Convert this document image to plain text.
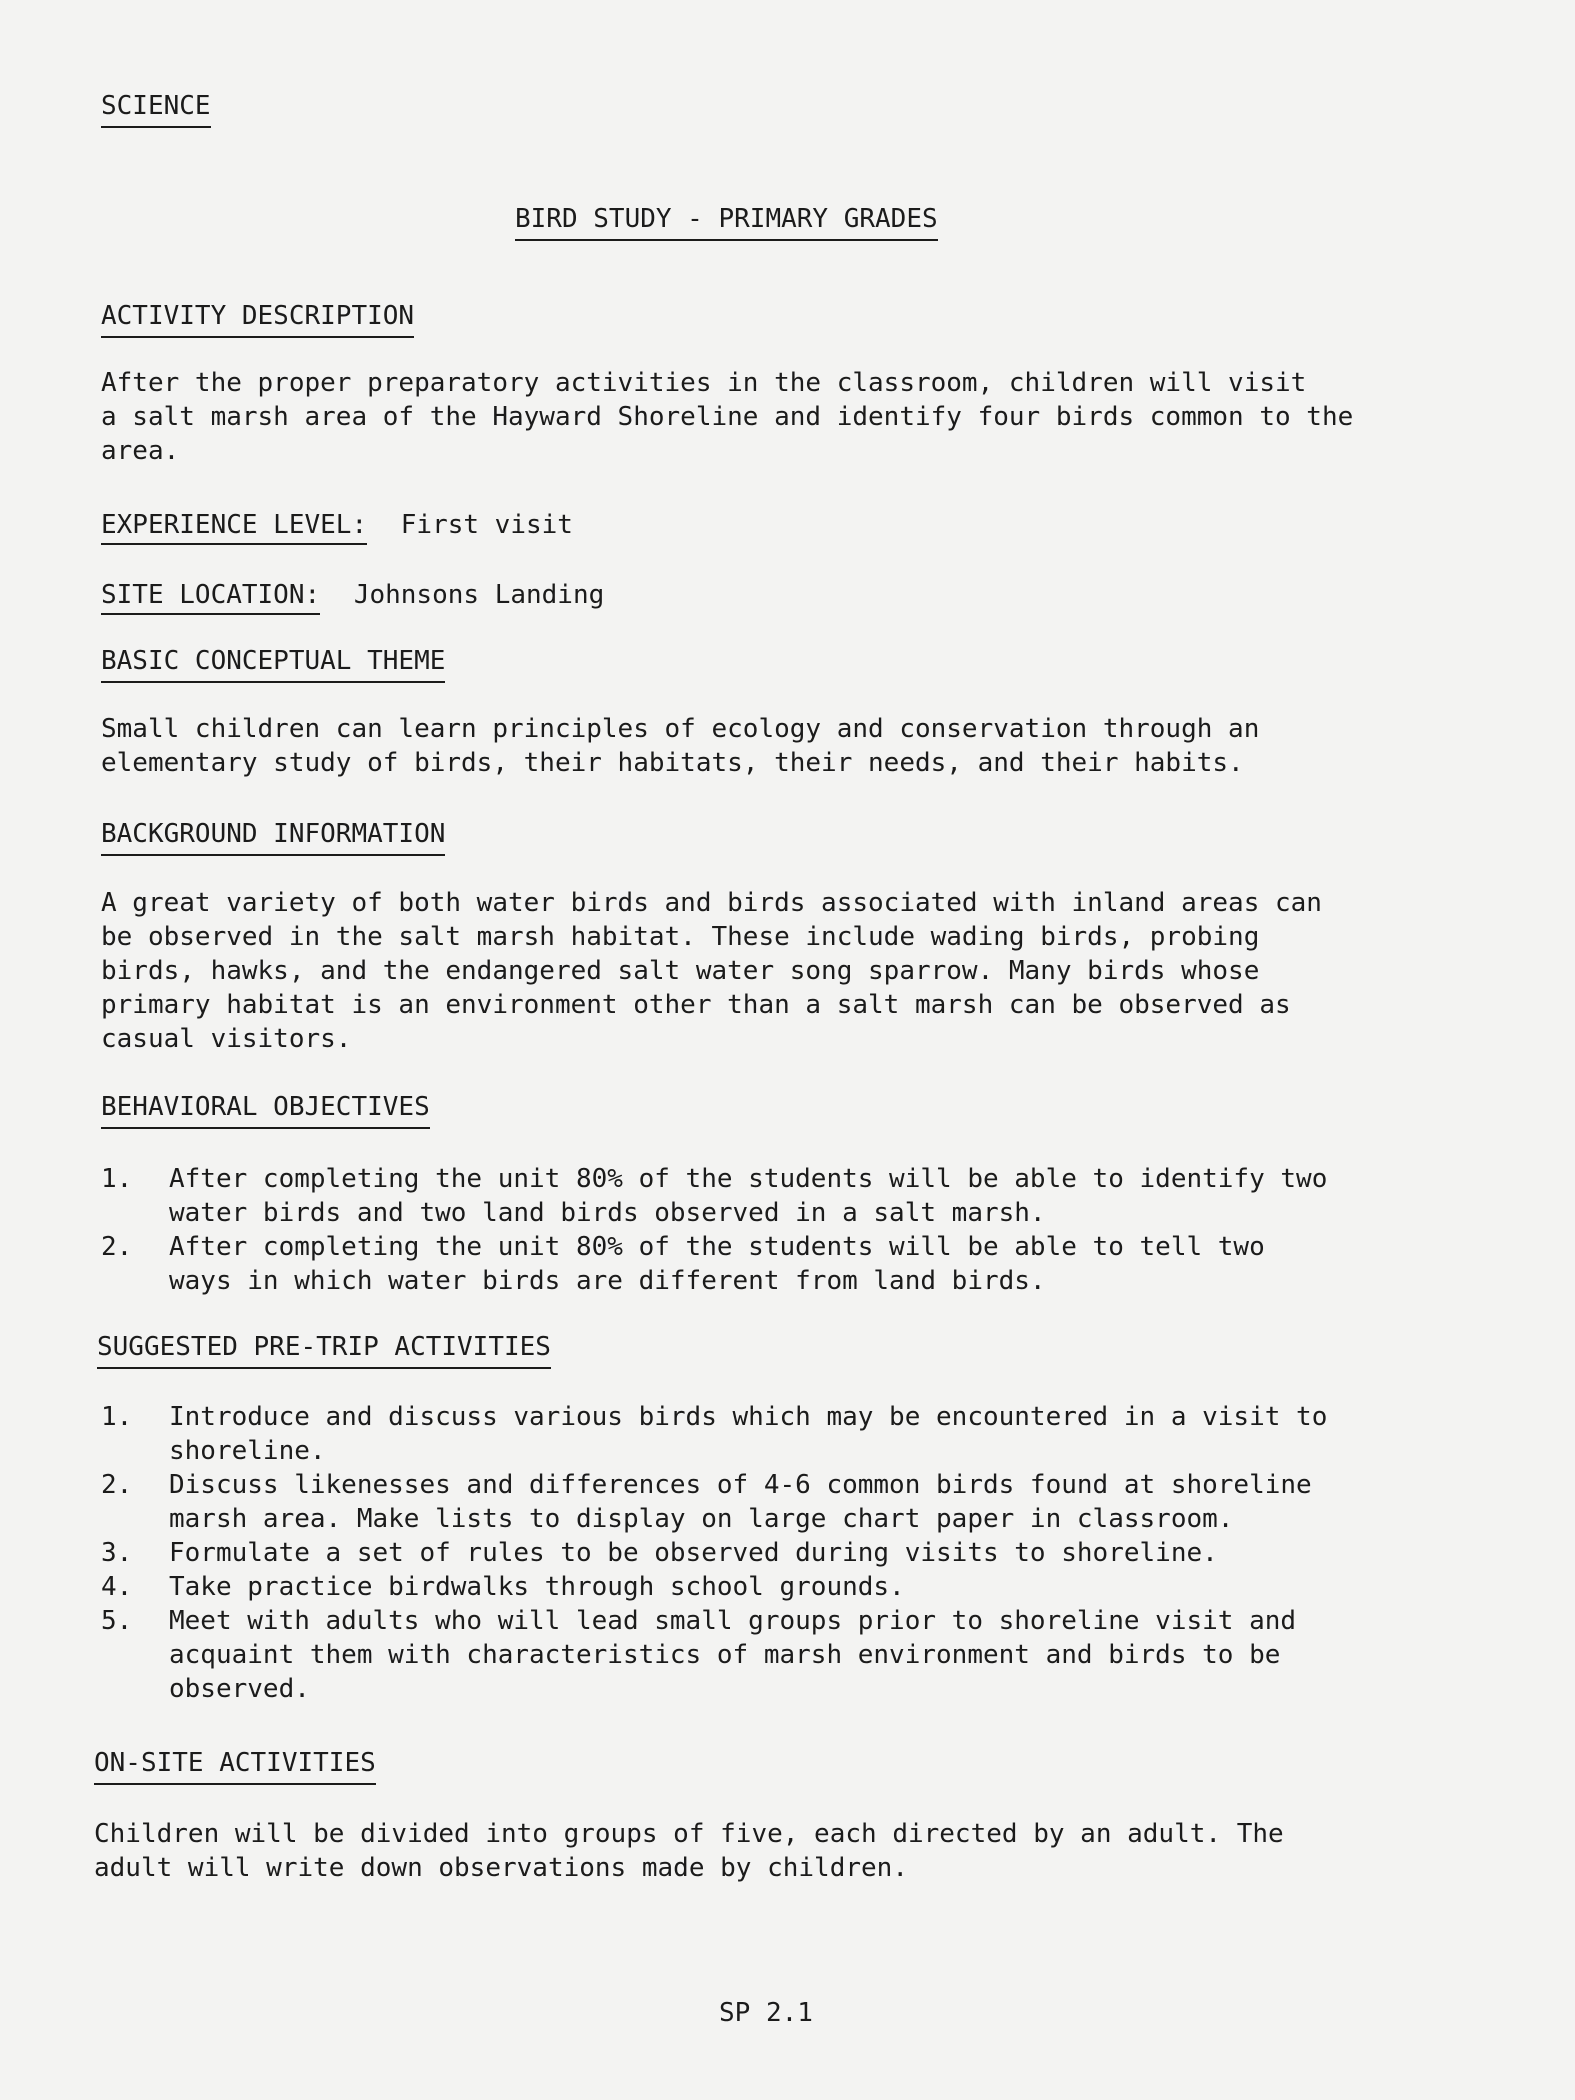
SCIENCE
BIRD STUDY - PRIMARY GRADES
ACTIVITY DESCRIPTION
After the proper preparatory activities in the classroom, children will visit
a salt marsh area of the Hayward Shoreline and identify four birds common to the
area.
EXPERIENCE LEVEL: First visit
SITE LOCATION: Johnsons Landing
BASIC CONCEPTUAL THEME
Small children can learn principles of ecology and conservation through an
elementary study of birds, their habitats, their needs, and their habits.
BACKGROUND INFORMATION
A great variety of both water birds and birds associated with inland areas can
be observed in the salt marsh habitat. These include wading birds, probing
birds, hawks, and the endangered salt water song sparrow. Many birds whose
primary habitat is an environment other than a salt marsh can be observed as
casual visitors.
BEHAVIORAL OBJECTIVES
1. After completing the unit 80% of the students will be able to identify two
water birds and two land birds observed in a salt marsh.
2. After completing the unit 80% of the students will be able to tell two
ways in which water birds are different from land birds.
SUGGESTED PRE-TRIP ACTIVITIES
1. Introduce and discuss various birds which may be encountered in a visit to
shoreline.
2. Discuss likenesses and differences of 4-6 common birds found at shoreline
marsh area. Make lists to display on large chart paper in classroom.
3. Formulate a set of rules to be observed during visits to shoreline.
4. Take practice birdwalks through school grounds.
5. Meet with adults who will lead small groups prior to shoreline visit and
acquaint them with characteristics of marsh environment and birds to be
observed.
ON-SITE ACTIVITIES
Children will be divided into groups of five, each directed by an adult. The
adult will write down observations made by children.
SP 2.1
